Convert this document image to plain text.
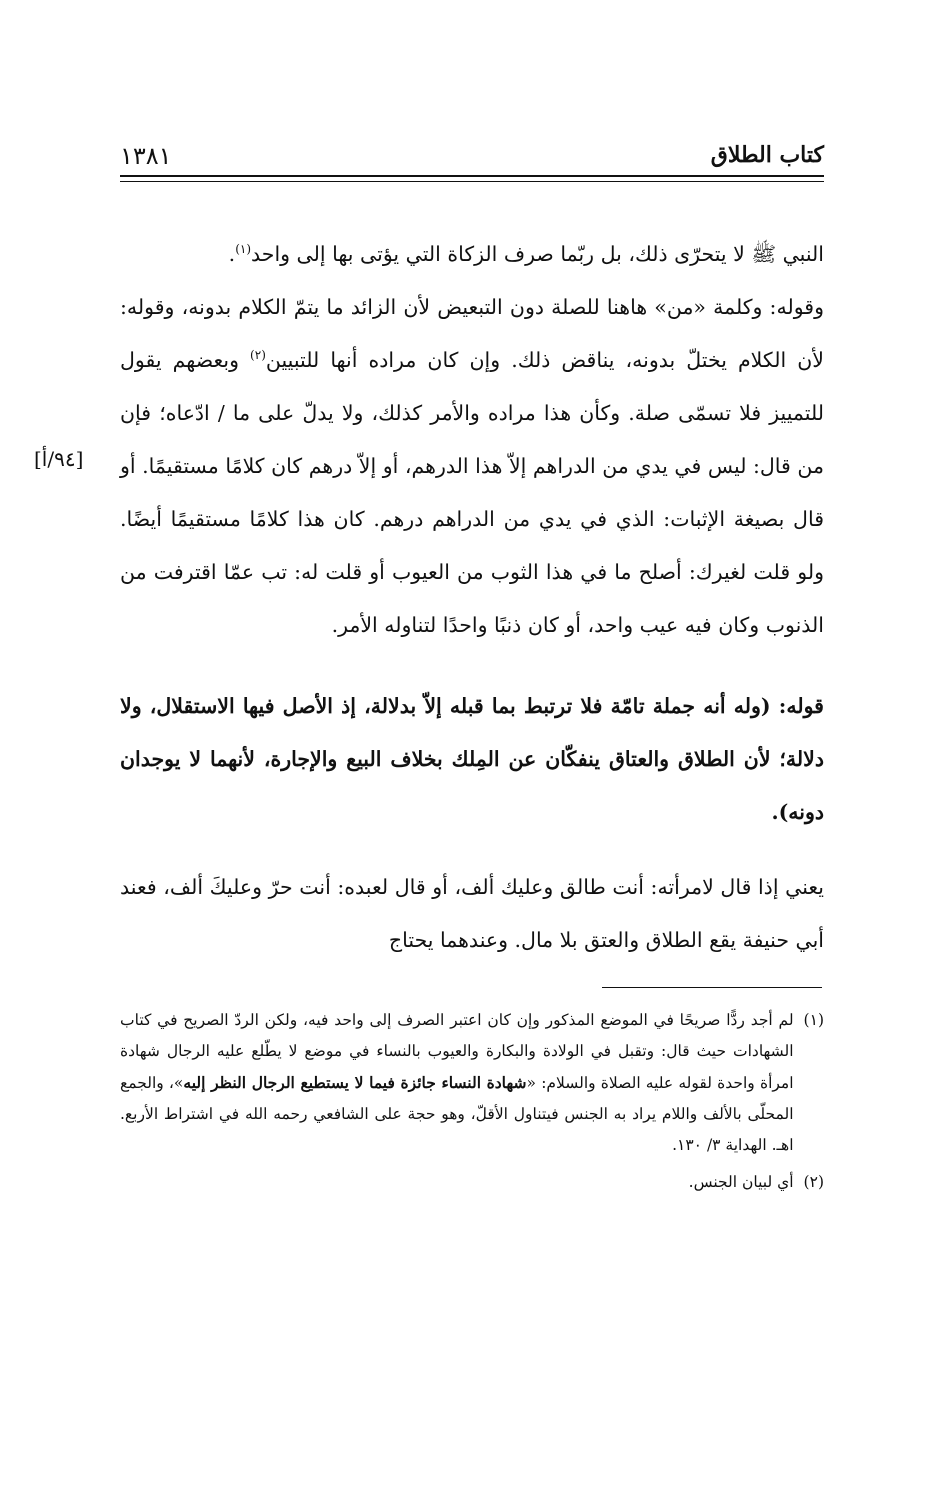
كتاب الطلاق
١٣٨١
[٩٤/أ]

النبي ﷺ لا يتحرّى ذلك، بل ربّما صرف الزكاة التي يؤتى بها إلى واحد$^{(١)}$.

وقوله: وكلمة «من» هاهنا للصلة دون التبعيض لأن الزائد ما يتمّ الكلام بدونه، وقوله: لأن الكلام يختلّ بدونه، يناقض ذلك. وإن كان مراده أنها للتبيين$^{(٢)}$ وبعضهم يقول للتمييز فلا تسمّى صلة. وكأن هذا مراده والأمر كذلك، ولا يدلّ على ما / ادّعاه؛ فإن من قال: ليس في يدي من الدراهم إلاّ هذا الدرهم، أو إلاّ درهم كان كلامًا مستقيمًا. أو قال بصيغة الإثبات: الذي في يدي من الدراهم درهم. كان هذا كلامًا مستقيمًا أيضًا. ولو قلت لغيرك: أصلح ما في هذا الثوب من العيوب أو قلت له: تب عمّا اقترفت من الذنوب وكان فيه عيب واحد، أو كان ذنبًا واحدًا لتناوله الأمر.

قوله: (وله أنه جملة تامّة فلا ترتبط بما قبله إلاّ بدلالة، إذ الأصل فيها الاستقلال، ولا دلالة؛ لأن الطلاق والعتاق ينفكّان عن المِلك بخلاف البيع والإجارة، لأنهما لا يوجدان دونه).

يعني إذا قال لامرأته: أنت طالق وعليك ألف، أو قال لعبده: أنت حرّ وعليكَ ألف، فعند أبي حنيفة يقع الطلاق والعتق بلا مال. وعندهما يحتاج

(١)
لم أجد ردًّا صريحًا في الموضع المذكور وإن كان اعتبر الصرف إلى واحد فيه، ولكن الردّ الصريح في كتاب الشهادات حيث قال: وتقبل في الولادة والبكارة والعيوب بالنساء في موضع لا يطّلع عليه الرجال شهادة امرأة واحدة لقوله عليه الصلاة والسلام: «شهادة النساء جائزة فيما لا يستطيع الرجال النظر إليه»، والجمع المحلّى بالألف واللام يراد به الجنس فيتناول الأقلّ، وهو حجة على الشافعي رحمه الله في اشتراط الأربع. اهـ. الهداية ٣/ ١٣٠.
(٢)
أي لبيان الجنس.
